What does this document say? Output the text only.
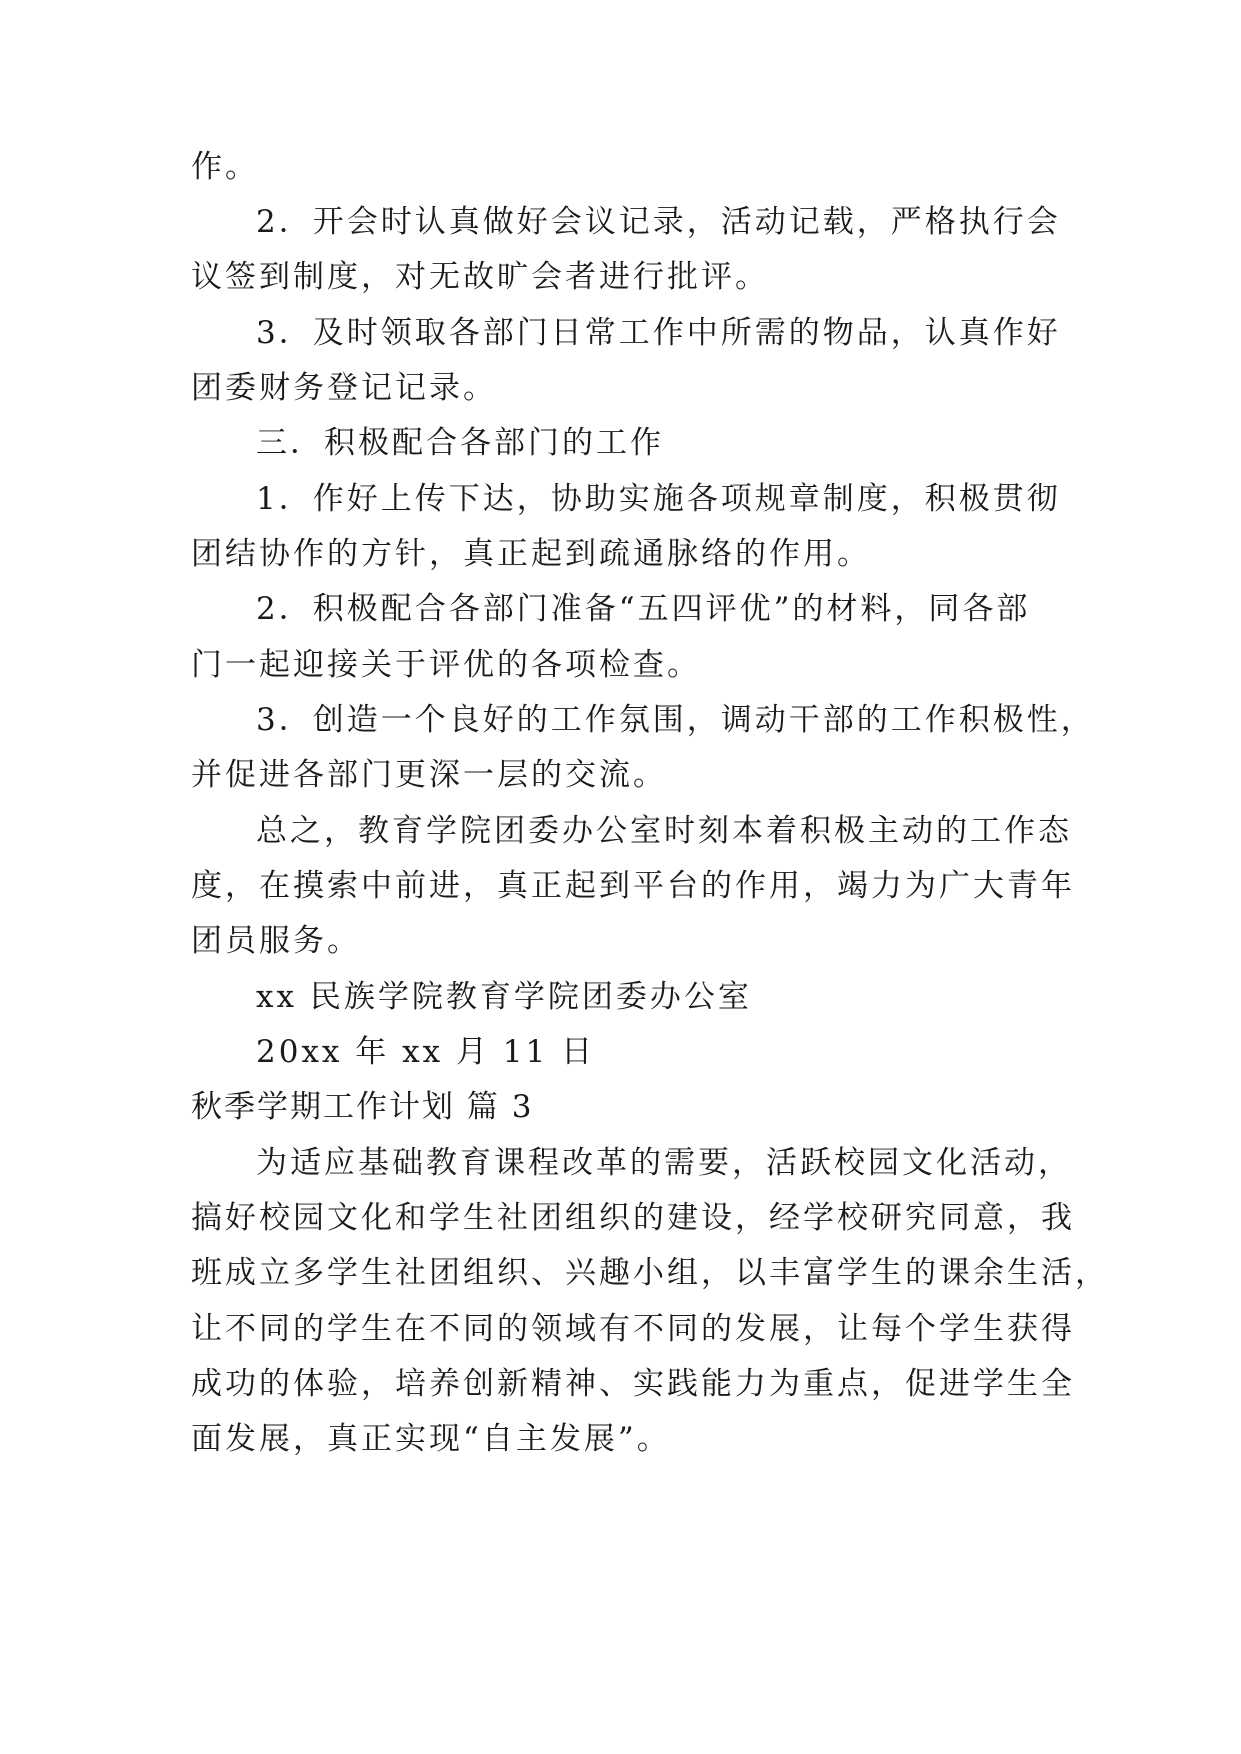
作。
2．开会时认真做好会议记录，活动记载，严格执行会
议签到制度，对无故旷会者进行批评。
3．及时领取各部门日常工作中所需的物品，认真作好
团委财务登记记录。
三．积极配合各部门的工作
1．作好上传下达，协助实施各项规章制度，积极贯彻
团结协作的方针，真正起到疏通脉络的作用。
2．积极配合各部门准备“五四评优”的材料，同各部
门一起迎接关于评优的各项检查。
3．创造一个良好的工作氛围，调动干部的工作积极性，
并促进各部门更深一层的交流。
总之，教育学院团委办公室时刻本着积极主动的工作态
度，在摸索中前进，真正起到平台的作用，竭力为广大青年
团员服务。
xx 民族学院教育学院团委办公室
20xx 年 xx 月 11 日
秋季学期工作计划 篇 3
为适应基础教育课程改革的需要，活跃校园文化活动，
搞好校园文化和学生社团组织的建设，经学校研究同意，我
班成立多学生社团组织、兴趣小组，以丰富学生的课余生活，
让不同的学生在不同的领域有不同的发展，让每个学生获得
成功的体验，培养创新精神、实践能力为重点，促进学生全
面发展，真正实现“自主发展”。
